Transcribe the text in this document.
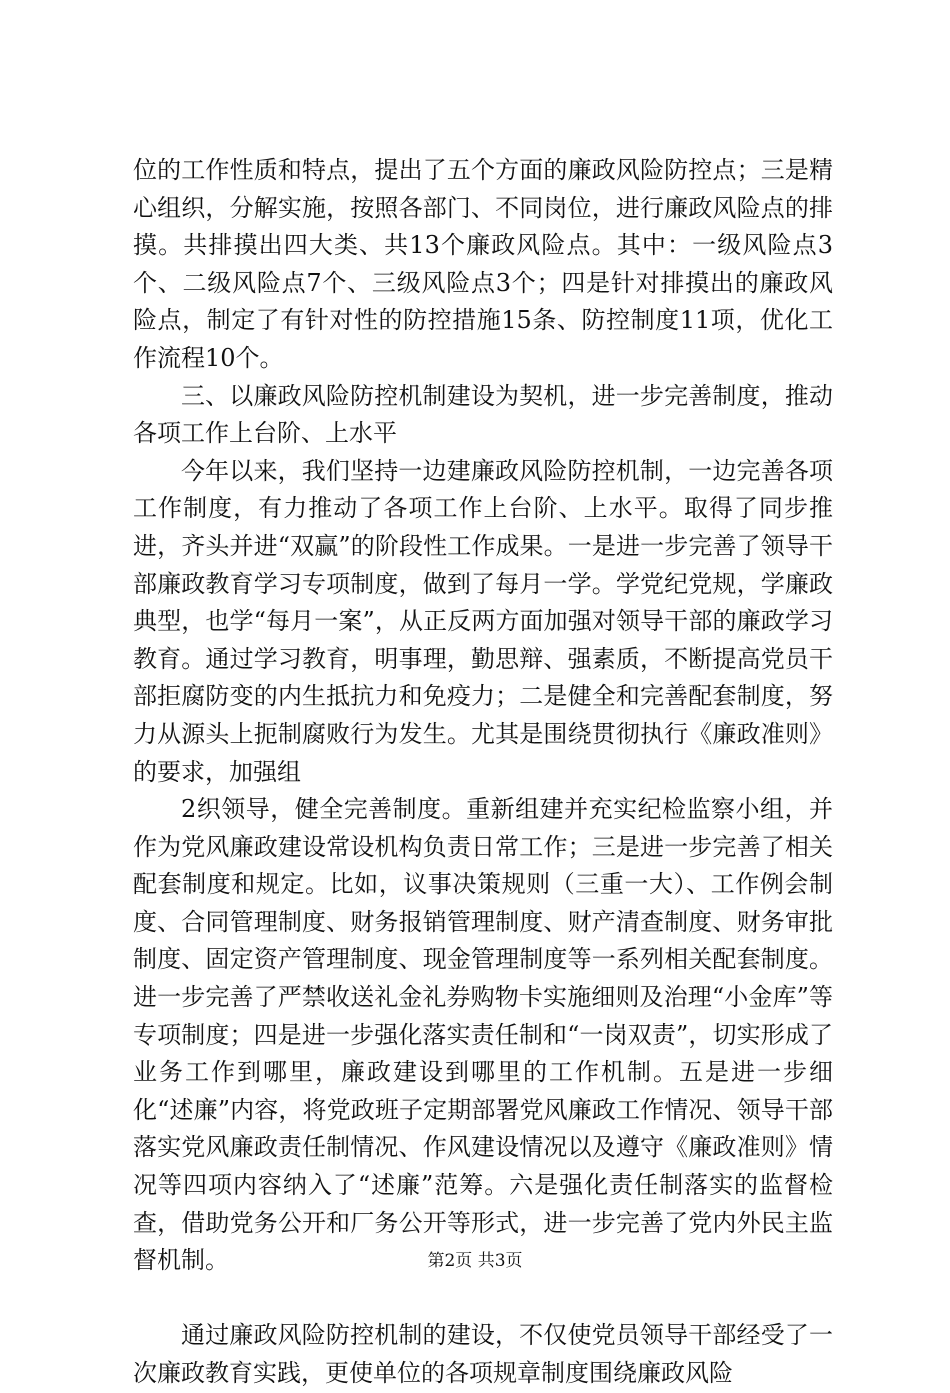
位的工作性质和特点，提出了五个方面的廉政风险防控点；三是精心组织，分解实施，按照各部门、不同岗位，进行廉政风险点的排摸。共排摸出四大类、共13个廉政风险点。其中：一级风险点3个、二级风险点7个、三级风险点3个；四是针对排摸出的廉政风险点，制定了有针对性的防控措施15条、防控制度11项，优化工作流程10个。

三、以廉政风险防控机制建设为契机，进一步完善制度，推动各项工作上台阶、上水平

今年以来，我们坚持一边建廉政风险防控机制，一边完善各项工作制度，有力推动了各项工作上台阶、上水平。取得了同步推进，齐头并进“双赢”的阶段性工作成果。一是进一步完善了领导干部廉政教育学习专项制度，做到了每月一学。学党纪党规，学廉政典型，也学“每月一案”，从正反两方面加强对领导干部的廉政学习教育。通过学习教育，明事理，勤思辩、强素质，不断提高党员干部拒腐防变的内生抵抗力和免疫力；二是健全和完善配套制度，努力从源头上扼制腐败行为发生。尤其是围绕贯彻执行《廉政准则》的要求，加强组

2织领导，健全完善制度。重新组建并充实纪检监察小组，并作为党风廉政建设常设机构负责日常工作；三是进一步完善了相关配套制度和规定。比如，议事决策规则（三重一大）、工作例会制度、合同管理制度、财务报销管理制度、财产清查制度、财务审批制度、固定资产管理制度、现金管理制度等一系列相关配套制度。进一步完善了严禁收送礼金礼券购物卡实施细则及治理“小金库”等专项制度；四是进一步强化落实责任制和“一岗双责”，切实形成了业务工作到哪里，廉政建设到哪里的工作机制。五是进一步细化“述廉”内容，将党政班子定期部署党风廉政工作情况、领导干部落实党风廉政责任制情况、作风建设情况以及遵守《廉政准则》情况等四项内容纳入了“述廉”范筹。六是强化责任制落实的监督检查，借助党务公开和厂务公开等形式，进一步完善了党内外民主监督机制。

通过廉政风险防控机制的建设，不仅使党员领导干部经受了一次廉政教育实践，更使单位的各项规章制度围绕廉政风险

第2页 共3页
